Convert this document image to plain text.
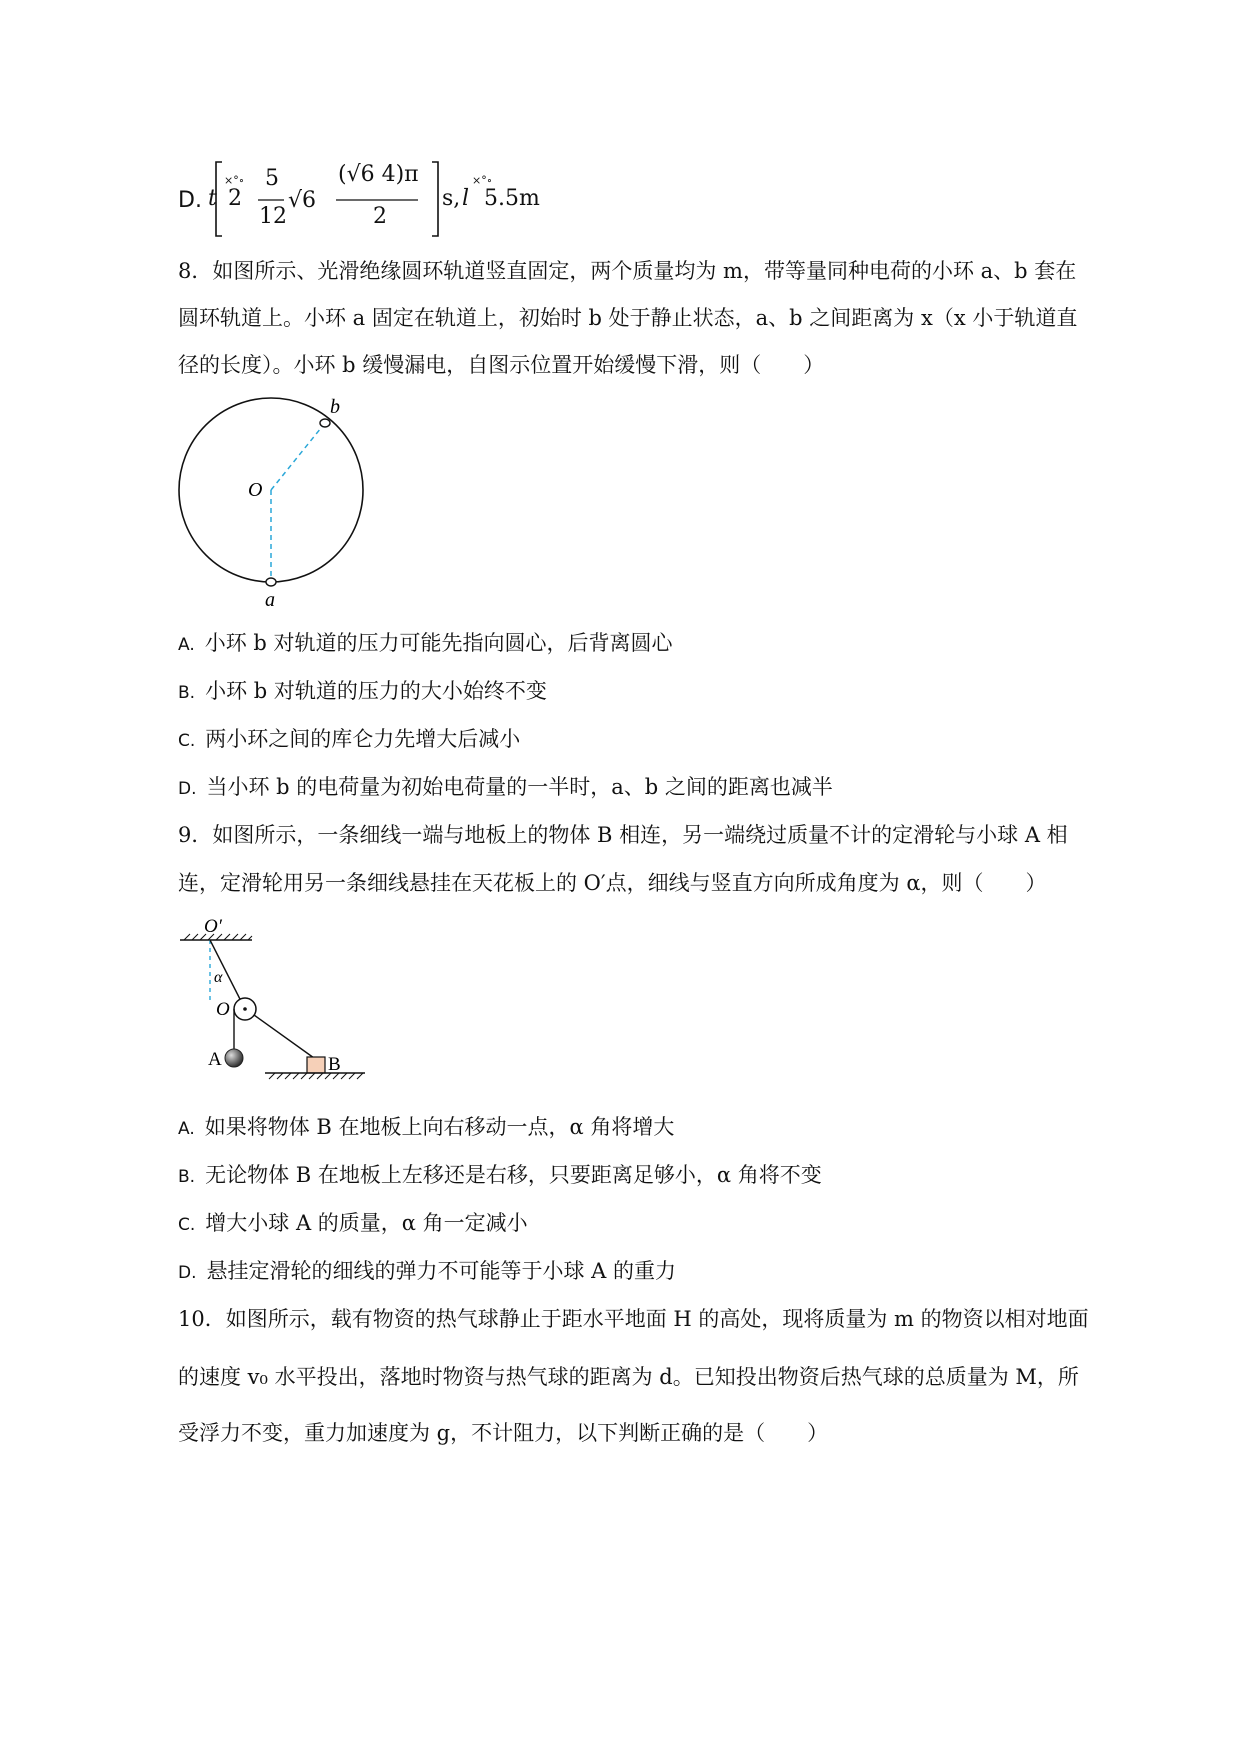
D. t
×°∘
2
5
12
√6
(√6 4)π
2
s, l
×°∘
5.5m
8．如图所示、光滑绝缘圆环轨道竖直固定，两个质量均为 m，带等量同种电荷的小环 a、b 套在
圆环轨道上。小环 a 固定在轨道上，初始时 b 处于静止状态，a、b 之间距离为 x（x 小于轨道直
径的长度）。小环 b 缓慢漏电，自图示位置开始缓慢下滑，则（　　）
b
O
a
A. 小环 b 对轨道的压力可能先指向圆心，后背离圆心
B. 小环 b 对轨道的压力的大小始终不变
C. 两小环之间的库仑力先增大后减小
D. 当小环 b 的电荷量为初始电荷量的一半时，a、b 之间的距离也减半
9．如图所示，一条细线一端与地板上的物体 B 相连，另一端绕过质量不计的定滑轮与小球 A 相
连，定滑轮用另一条细线悬挂在天花板上的 O′点，细线与竖直方向所成角度为 α，则（　　）
O′
α
O
A	B
A. 如果将物体 B 在地板上向右移动一点，α 角将增大
B. 无论物体 B 在地板上左移还是右移，只要距离足够小，α 角将不变
C. 增大小球 A 的质量，α 角一定减小
D. 悬挂定滑轮的细线的弹力不可能等于小球 A 的重力
10．如图所示，载有物资的热气球静止于距水平地面 H 的高处，现将质量为 m 的物资以相对地面
的速度 v₀ 水平投出，落地时物资与热气球的距离为 d。已知投出物资后热气球的总质量为 M，所
受浮力不变，重力加速度为 g，不计阻力，以下判断正确的是（　　）
